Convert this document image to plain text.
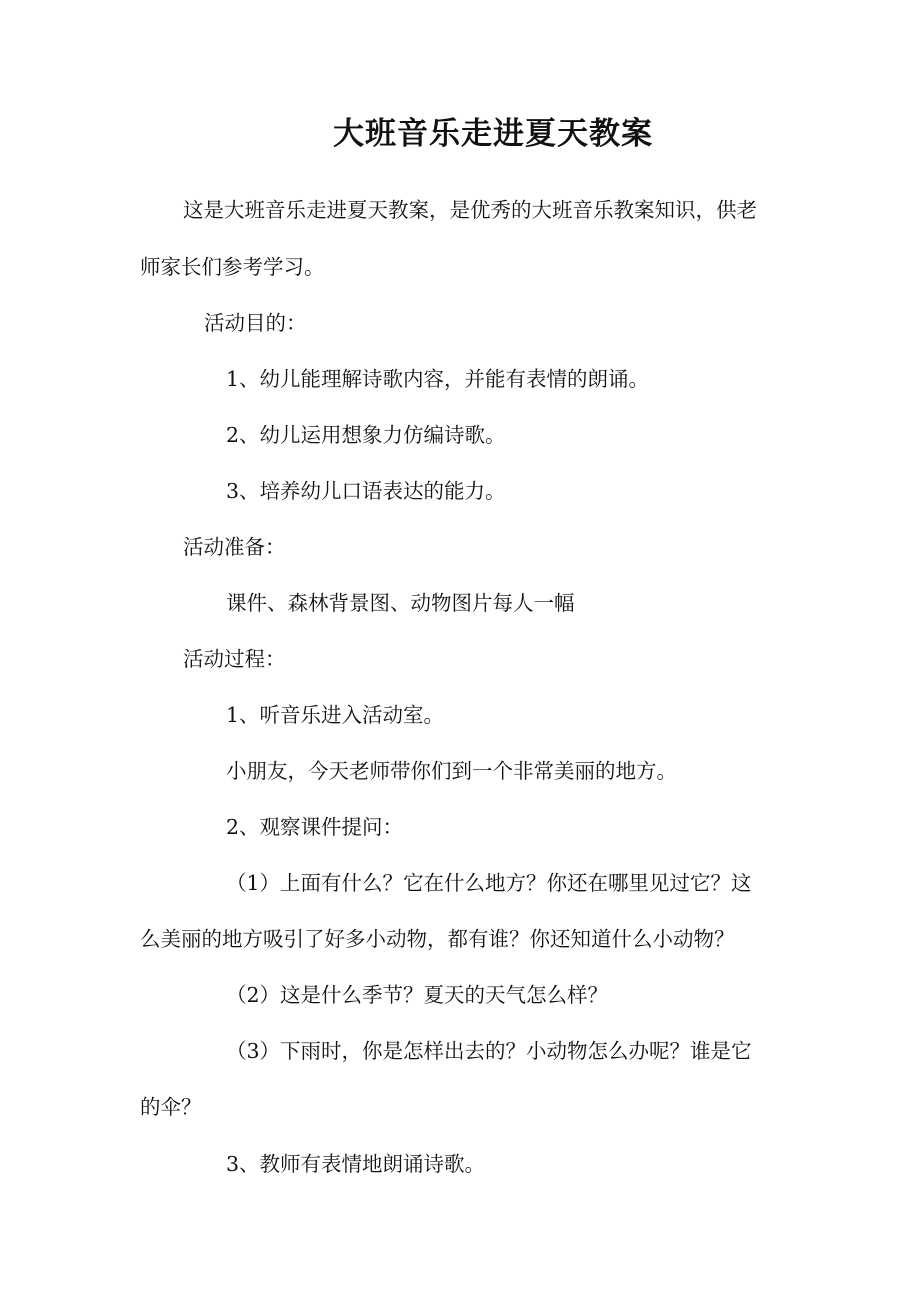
大班音乐走进夏天教案
这是大班音乐走进夏天教案，是优秀的大班音乐教案知识，供老
师家长们参考学习。
活动目的：
1、幼儿能理解诗歌内容，并能有表情的朗诵。
2、幼儿运用想象力仿编诗歌。
3、培养幼儿口语表达的能力。
活动准备：
课件、森林背景图、动物图片每人一幅
活动过程：
1、听音乐进入活动室。
小朋友，今天老师带你们到一个非常美丽的地方。
2、观察课件提问：
（1）上面有什么？它在什么地方？你还在哪里见过它？这
么美丽的地方吸引了好多小动物，都有谁？你还知道什么小动物？
（2）这是什么季节？夏天的天气怎么样？
（3）下雨时，你是怎样出去的？小动物怎么办呢？谁是它
的伞？
3、教师有表情地朗诵诗歌。
